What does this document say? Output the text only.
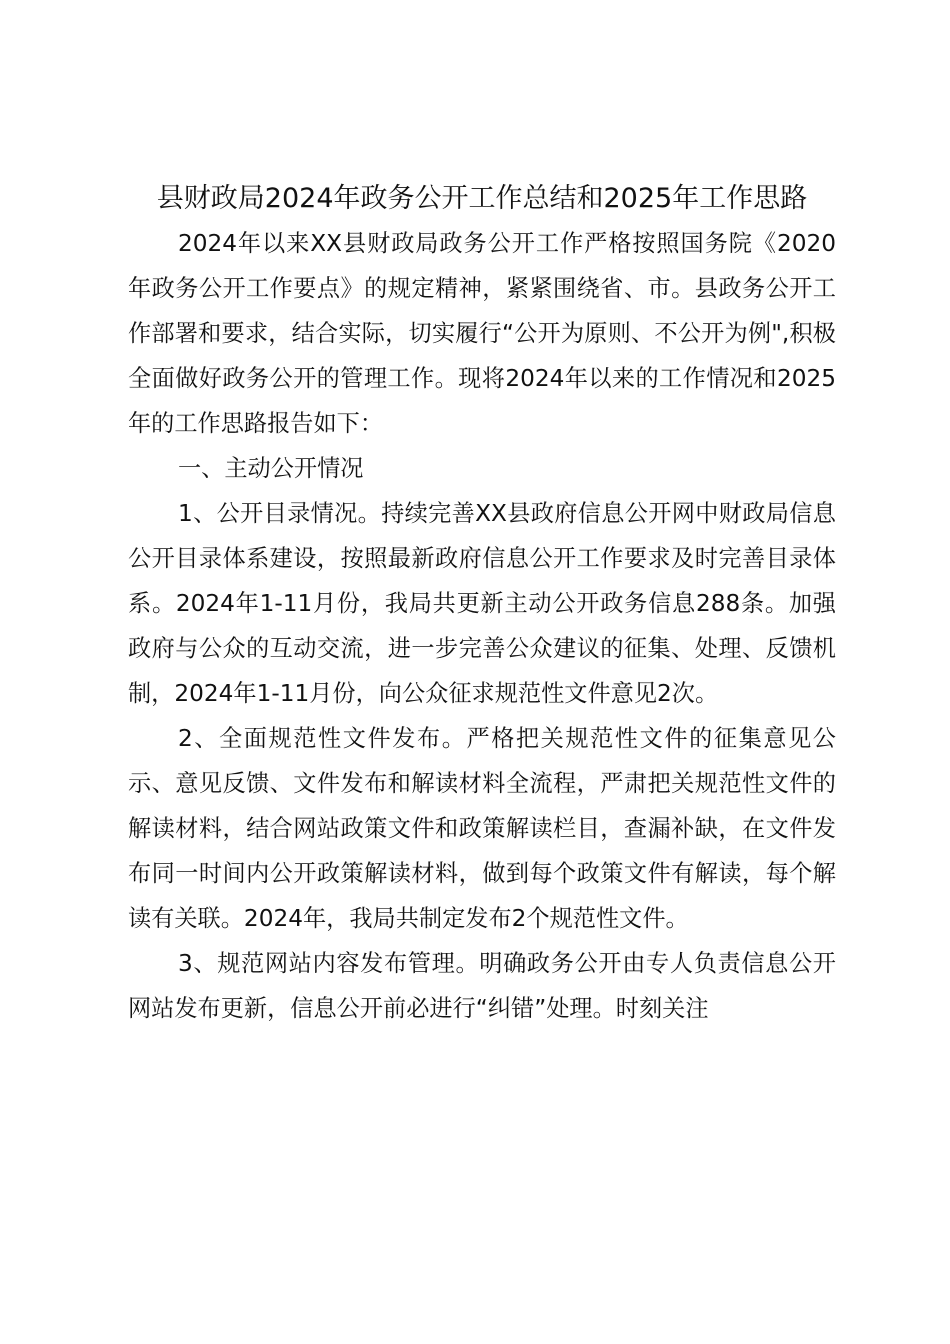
县财政局2024年政务公开工作总结和2025年工作思路

2024年以来XX县财政局政务公开工作严格按照国务院《2020年政务公开工作要点》的规定精神，紧紧围绕省、市。县政务公开工作部署和要求，结合实际，切实履行“公开为原则、不公开为例",积极全面做好政务公开的管理工作。现将2024年以来的工作情况和2025年的工作思路报告如下：

一、主动公开情况

1、公开目录情况。持续完善XX县政府信息公开网中财政局信息公开目录体系建设，按照最新政府信息公开工作要求及时完善目录体系。2024年1-11月份，我局共更新主动公开政务信息288条。加强政府与公众的互动交流，进一步完善公众建议的征集、处理、反馈机制，2024年1-11月份，向公众征求规范性文件意见2次。

2、全面规范性文件发布。严格把关规范性文件的征集意见公示、意见反馈、文件发布和解读材料全流程，严肃把关规范性文件的解读材料，结合网站政策文件和政策解读栏目，查漏补缺，在文件发布同一时间内公开政策解读材料，做到每个政策文件有解读，每个解读有关联。2024年，我局共制定发布2个规范性文件。

3、规范网站内容发布管理。明确政务公开由专人负责信息公开网站发布更新，信息公开前必进行“纠错”处理。时刻关注
